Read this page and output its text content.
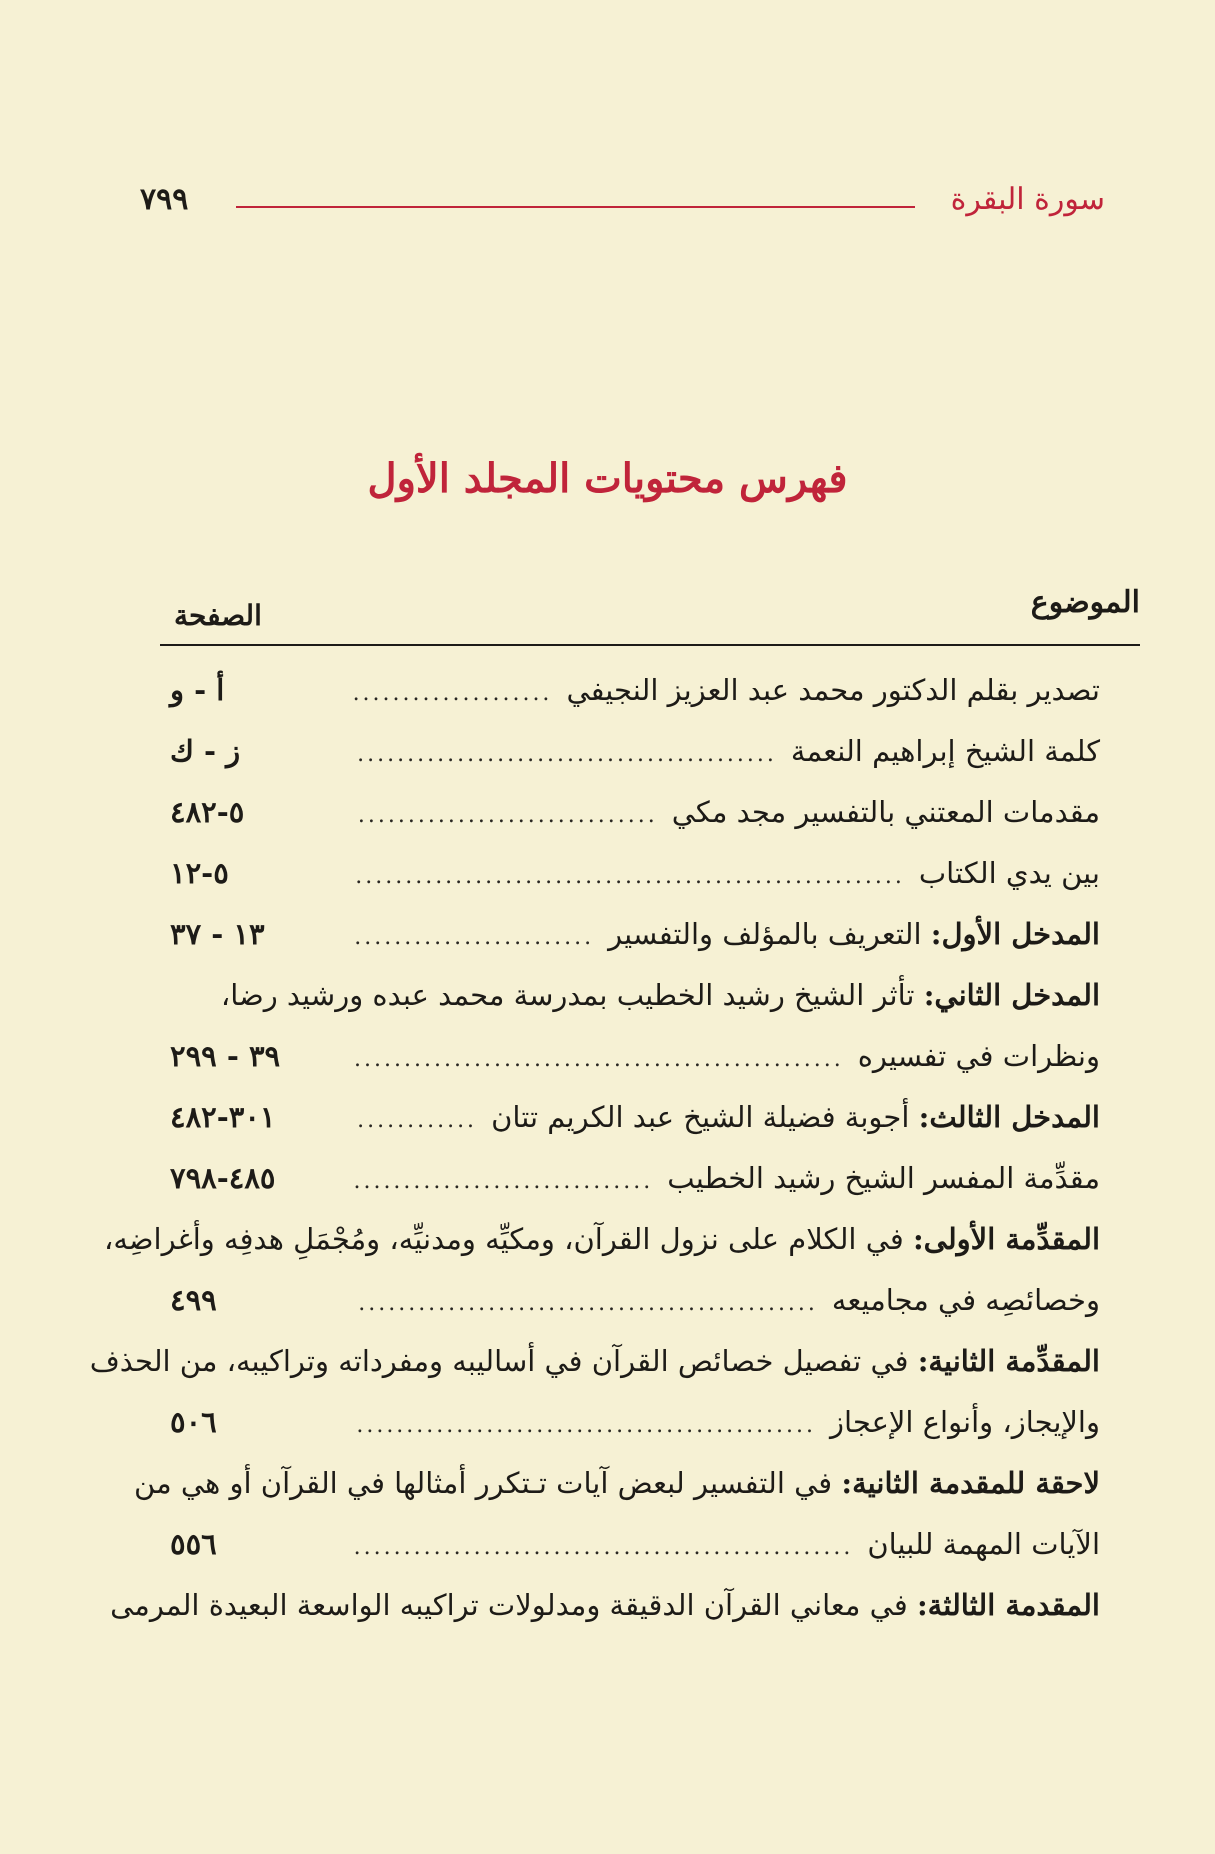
سورة البقرة
٧٩٩
فهرس محتويات المجلد الأول
الموضوع
الصفحة
تصدير بقلم الدكتور محمد عبد العزيز النجيفي
.....
أ - و
كلمة الشيخ إبراهيم النعمة
.....
ز - ك
مقدمات المعتني بالتفسير مجد مكي
.....
٥-٤٨٢
بين يدي الكتاب
.....
٥-١٢
المدخل الأول: التعريف بالمؤلف والتفسير
.....
١٣ - ٣٧
المدخل الثاني: تأثر الشيخ رشيد الخطيب بمدرسة محمد عبده ورشيد رضا،
ونظرات في تفسيره
.....
٣٩ - ٢٩٩
المدخل الثالث: أجوبة فضيلة الشيخ عبد الكريم تتان
.....
٣٠١-٤٨٢
مقدِّمة المفسر الشيخ رشيد الخطيب
.....
٤٨٥-٧٩٨
المقدِّمة الأولى: في الكلام على نزول القرآن، ومكيِّه ومدنيِّه، ومُجْمَلِ هدفِه وأغراضِه،
وخصائصِه في مجاميعه
.....
٤٩٩
المقدِّمة الثانية: في تفصيل خصائص القرآن في أساليبه ومفرداته وتراكيبه، من الحذف
والإيجاز، وأنواع الإعجاز
.....
٥٠٦
لاحقة للمقدمة الثانية: في التفسير لبعض آيات تـتكرر أمثالها في القرآن أو هي من
الآيات المهمة للبيان
.....
٥٥٦
المقدمة الثالثة: في معاني القرآن الدقيقة ومدلولات تراكيبه الواسعة البعيدة المرمى
